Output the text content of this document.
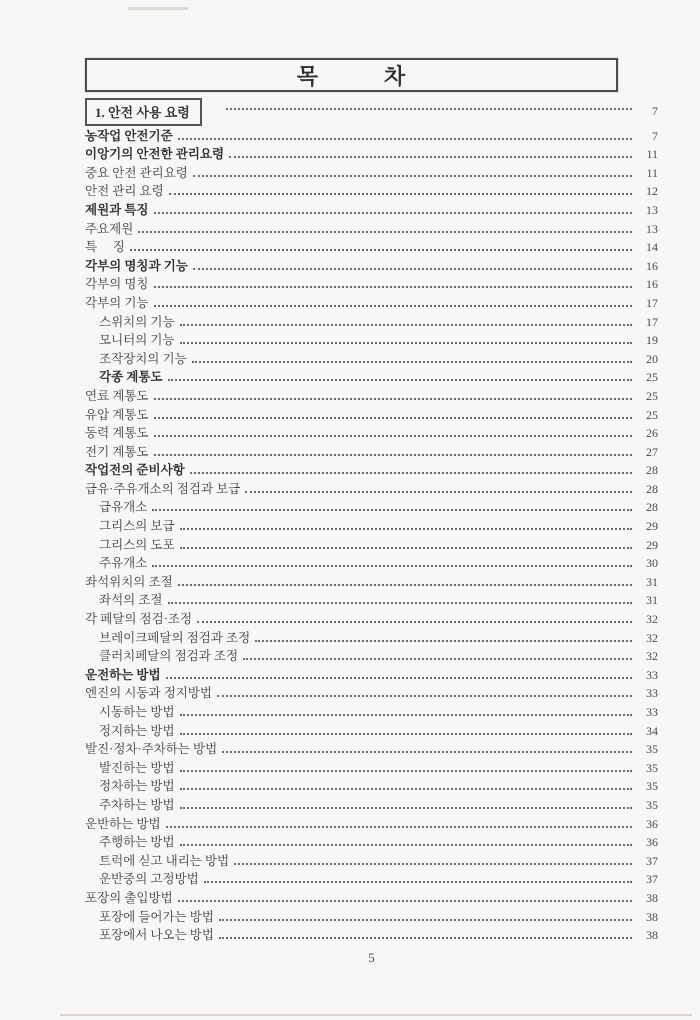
목          차
1. 안전 사용 요령	7
농작업 안전기준	7
이앙기의 안전한 관리요령	11
중요 안전 관리요령	11
안전 관리 요령	12
제원과 특징	13
주요제원	13
특     징	14
각부의 명칭과 기능	16
각부의 명칭	16
각부의 기능	17
스위치의 기능	17
모니터의 기능	19
조작장치의 기능	20
각종 계통도	25
연료 계통도	25
유압 계통도	25
동력 계통도	26
전기 계통도	27
작업전의 준비사항	28
급유·주유개소의 점검과 보급	28
급유개소	28
그리스의 보급	29
그리스의 도포	29
주유개소	30
좌석위치의 조절	31
좌석의 조절	31
각 페달의 점검·조정	32
브레이크페달의 점검과 조정	32
클러치페달의 점검과 조정	32
운전하는 방법	33
엔진의 시동과 정지방법	33
시동하는 방법	33
정지하는 방법	34
발진·정차·주차하는 방법	35
발진하는 방법	35
정차하는 방법	35
주차하는 방법	35
운반하는 방법	36
주행하는 방법	36
트럭에 싣고 내리는 방법	37
운반중의 고정방법	37
포장의 출입방법	38
포장에 들어가는 방법	38
포장에서 나오는 방법	38
5
